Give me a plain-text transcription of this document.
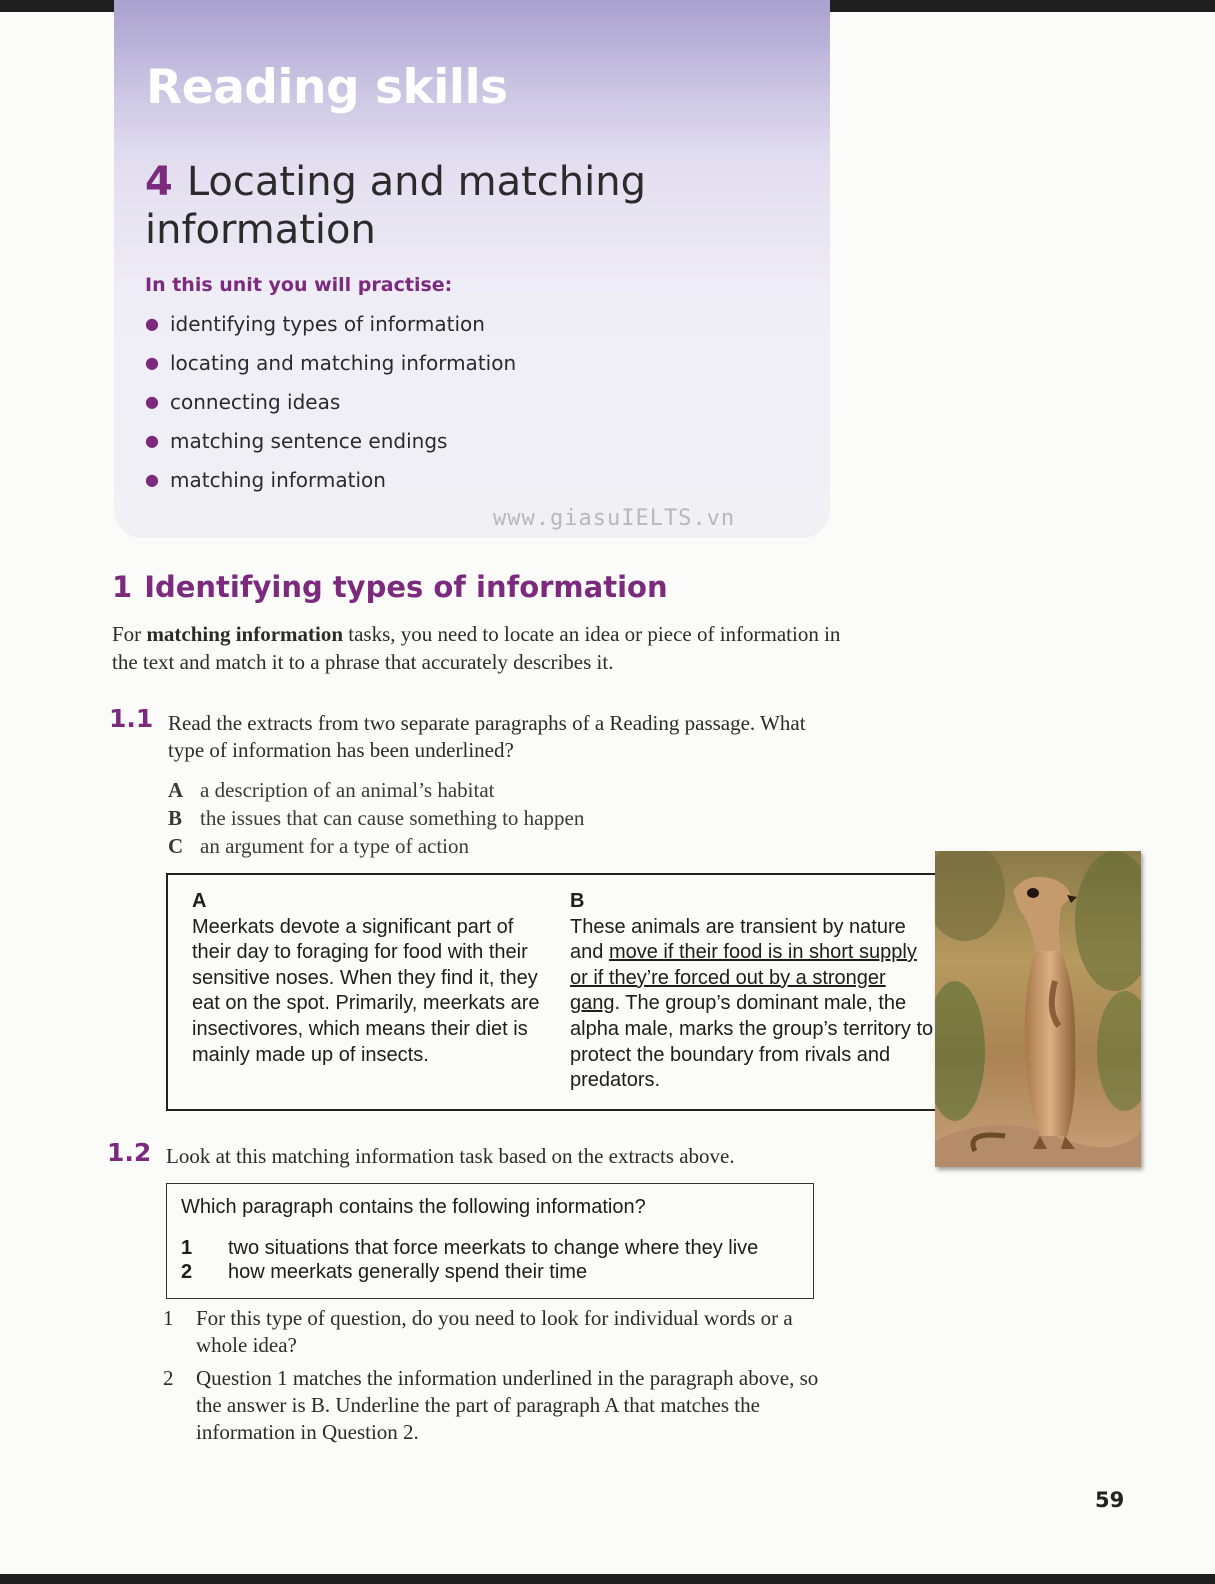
Reading skills
4 Locating and matching information
In this unit you will practise:
● identifying types of information
● locating and matching information
● connecting ideas
● matching sentence endings
● matching information
www.giasuIELTS.vn
1 Identifying types of information

For matching information tasks, you need to locate an idea or piece of information in the text and match it to a phrase that accurately describes it.

1.1 Read the extracts from two separate paragraphs of a Reading passage. What type of information has been underlined?

A a description of an animal’s habitat
B the issues that can cause something to happen
C an argument for a type of action
A

Meerkats devote a significant part of their day to foraging for food with their sensitive noses. When they find it, they eat on the spot. Primarily, meerkats are insectivores, which means their diet is mainly made up of insects.

B

These animals are transient by nature and move if their food is in short supply or if they’re forced out by a stronger gang. The group’s dominant male, the alpha male, marks the group’s territory to protect the boundary from rivals and predators.

1.2 Look at this matching information task based on the extracts above.

Which paragraph contains the following information?

1	two situations that force meerkats to change where they live
2	how meerkats generally spend their time
1	For this type of question, do you need to look for individual words or a whole idea?
2	Question 1 matches the information underlined in the paragraph above, so the answer is B. Underline the part of paragraph A that matches the information in Question 2.
59
